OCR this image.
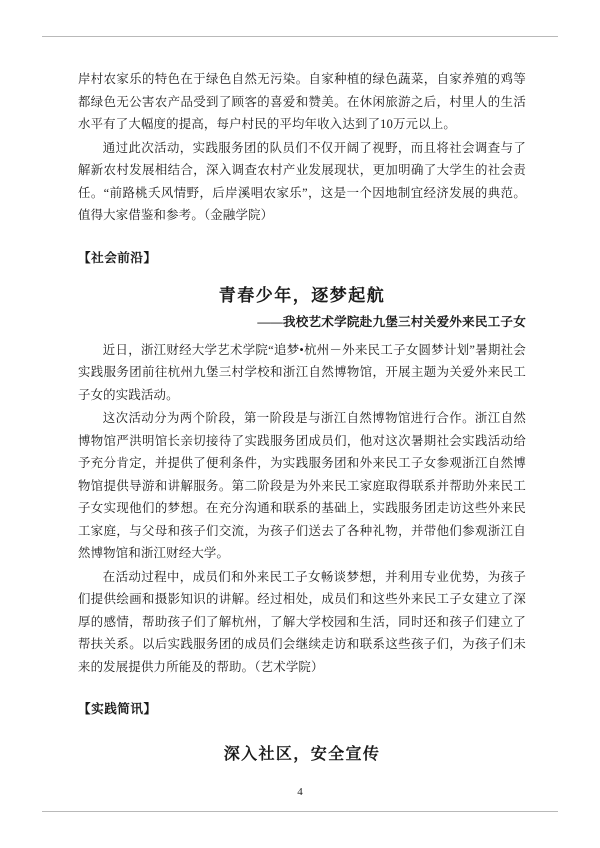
岸村农家乐的特色在于绿色自然无污染。自家种植的绿色蔬菜，自家养殖的鸡等都绿色无公害农产品受到了顾客的喜爱和赞美。在休闲旅游之后，村里人的生活水平有了大幅度的提高，每户村民的平均年收入达到了10万元以上。

通过此次活动，实践服务团的队员们不仅开阔了视野，而且将社会调查与了解新农村发展相结合，深入调查农村产业发展现状，更加明确了大学生的社会责任。“前路桃夭风情野，后岸溪唱农家乐”，这是一个因地制宜经济发展的典范。值得大家借鉴和参考。（金融学院）

【社会前沿】
青春少年，逐梦起航
——我校艺术学院赴九堡三村关爱外来民工子女

近日，浙江财经大学艺术学院“追梦•杭州－外来民工子女圆梦计划”暑期社会实践服务团前往杭州九堡三村学校和浙江自然博物馆，开展主题为关爱外来民工子女的实践活动。

这次活动分为两个阶段，第一阶段是与浙江自然博物馆进行合作。浙江自然博物馆严洪明馆长亲切接待了实践服务团成员们，他对这次暑期社会实践活动给予充分肯定，并提供了便利条件，为实践服务团和外来民工子女参观浙江自然博物馆提供导游和讲解服务。第二阶段是为外来民工家庭取得联系并帮助外来民工子女实现他们的梦想。在充分沟通和联系的基础上，实践服务团走访这些外来民工家庭，与父母和孩子们交流，为孩子们送去了各种礼物，并带他们参观浙江自然博物馆和浙江财经大学。

在活动过程中，成员们和外来民工子女畅谈梦想，并利用专业优势，为孩子们提供绘画和摄影知识的讲解。经过相处，成员们和这些外来民工子女建立了深厚的感情，帮助孩子们了解杭州，了解大学校园和生活，同时还和孩子们建立了帮扶关系。以后实践服务团的成员们会继续走访和联系这些孩子们，为孩子们未来的发展提供力所能及的帮助。（艺术学院）

【实践简讯】
深入社区，安全宣传
4
